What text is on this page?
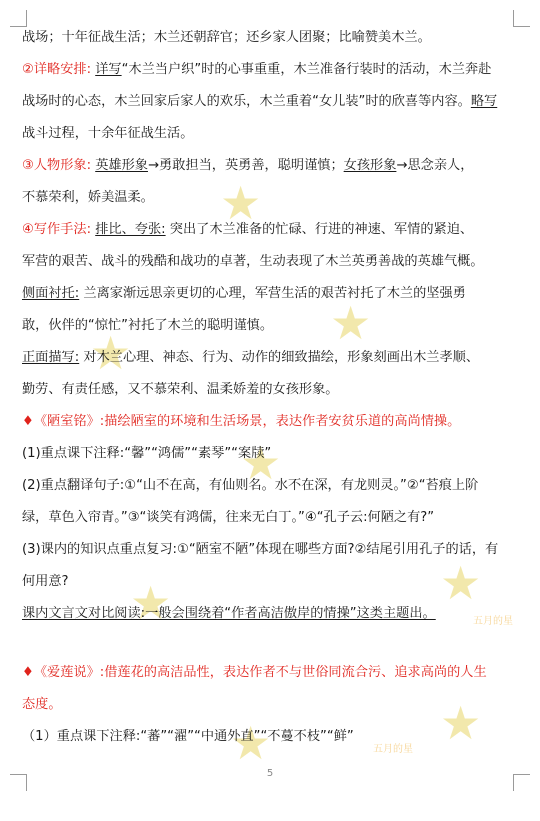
★
★
★
★
★
★
★	★
五月的星
五月的星
战场；十年征战生活；木兰还朝辞官；还乡家人团聚；比喻赞美木兰。
②详略安排: 详写“木兰当户织”时的心事重重，木兰准备行装时的活动，木兰奔赴
战场时的心态，木兰回家后家人的欢乐，木兰重着“女儿装”时的欣喜等内容。略写
战斗过程，十余年征战生活。
③人物形象: 英雄形象→勇敢担当，英勇善，聪明谨慎；女孩形象→思念亲人，
不慕荣利，娇美温柔。
④写作手法: 排比、夸张: 突出了木兰准备的忙碌、行进的神速、军情的紧迫、
军营的艰苦、战斗的残酷和战功的卓著，生动表现了木兰英勇善战的英雄气概。
侧面衬托: 兰离家渐远思亲更切的心理，军营生活的艰苦衬托了木兰的坚强勇
敢，伙伴的“惊忙”衬托了木兰的聪明谨慎。
正面描写: 对木兰心理、神态、行为、动作的细致描绘，形象刻画出木兰孝顺、
勤劳、有责任感，又不慕荣利、温柔娇羞的女孩形象。
♦《陋室铭》:描绘陋室的环境和生活场景，表达作者安贫乐道的高尚情操。
(1)重点课下注释:“馨”“鸿儒”“素琴”“案牍”
(2)重点翻译句子:①“山不在高，有仙则名。水不在深，有龙则灵。”②“苔痕上阶
绿，草色入帘青。”③“谈笑有鸿儒，往来无白丁。”④“孔子云:何陋之有?”
(3)课内的知识点重点复习:①“陋室不陋”体现在哪些方面?②结尾引用孔子的话，有
何用意?
课内文言文对比阅读:一般会围绕着“作者高洁傲岸的情操”这类主题出。
♦《爱莲说》:借莲花的高洁品性，表达作者不与世俗同流合污、追求高尚的人生
态度。
（1）重点课下注释:“蕃”“濯”“中通外直”“不蔓不枝”“鲜”
5
